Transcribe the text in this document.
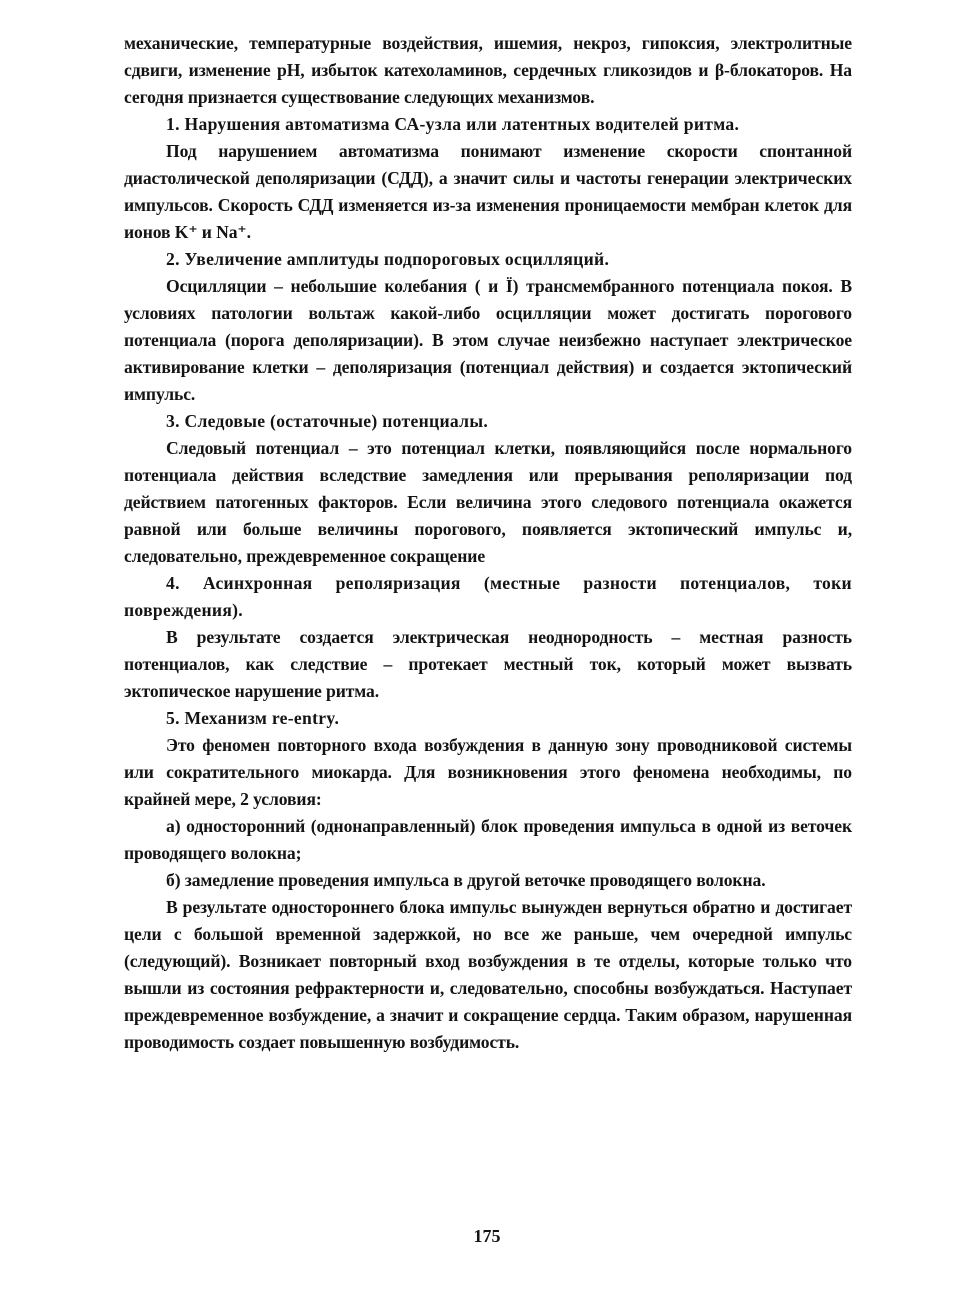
механические, температурные воздействия, ишемия, некроз, гипоксия, электролитные сдвиги, изменение pH, избыток катехоламинов, сердечных гликозидов и β-блокаторов. На сегодня признается существование следующих механизмов.

1. Нарушения автоматизма СА-узла или латентных водителей ритма.

Под нарушением автоматизма понимают изменение скорости спонтанной диастолической деполяризации (СДД), а значит силы и частоты генерации электрических импульсов. Скорость СДД изменяется из-за изменения проницаемости мембран клеток для ионов K⁺ и Na⁺.

2. Увеличение амплитуды подпороговых осцилляций.

Осцилляции – небольшие колебания ( и Ї) трансмембранного потенциала покоя. В условиях патологии вольтаж какой-либо осцилляции может достигать порогового потенциала (порога деполяризации). В этом случае неизбежно наступает электрическое активирование клетки – деполяризация (потенциал действия) и создается эктопический импульс.

3. Следовые (остаточные) потенциалы.

Следовый потенциал – это потенциал клетки, появляющийся после нормального потенциала действия вследствие замедления или прерывания реполяризации под действием патогенных факторов. Если величина этого следового потенциала окажется равной или больше величины порогового, появляется эктопический импульс и, следовательно, преждевременное сокращение

4. Асинхронная реполяризация (местные разности потенциалов, токи повреждения).

В результате создается электрическая неоднородность – местная разность потенциалов, как следствие – протекает местный ток, который может вызвать эктопическое нарушение ритма.

5. Механизм re-entry.

Это феномен повторного входа возбуждения в данную зону проводниковой системы или сократительного миокарда. Для возникновения этого феномена необходимы, по крайней мере, 2 условия:

а) односторонний (однонаправленный) блок проведения импульса в одной из веточек проводящего волокна;

б) замедление проведения импульса в другой веточке проводящего волокна.

В результате одностороннего блока импульс вынужден вернуться обратно и достигает цели с большой временной задержкой, но все же раньше, чем очередной импульс (следующий). Возникает повторный вход возбуждения в те отделы, которые только что вышли из состояния рефрактерности и, следовательно, способны возбуждаться. Наступает преждевременное возбуждение, а значит и сокращение сердца. Таким образом, нарушенная проводимость создает повышенную возбудимость.

175
